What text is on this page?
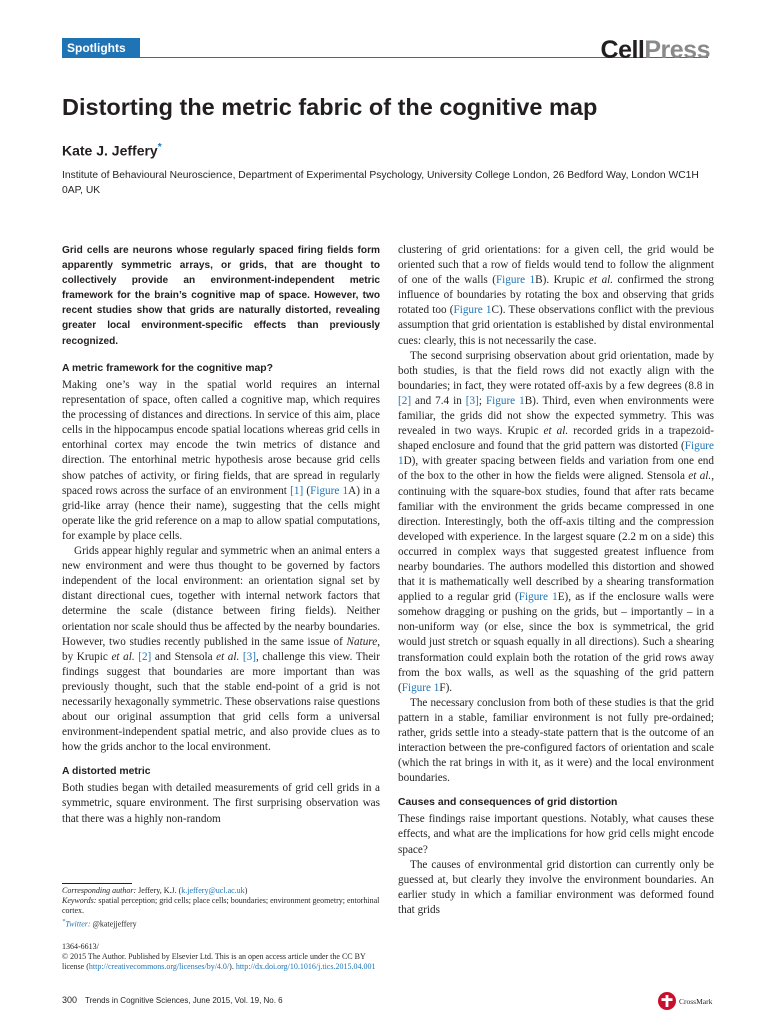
Spotlights	CellPress
Distorting the metric fabric of the cognitive map
Kate J. Jeffery*
Institute of Behavioural Neuroscience, Department of Experimental Psychology, University College London, 26 Bedford Way, London WC1H 0AP, UK

Grid cells are neurons whose regularly spaced firing fields form apparently symmetric arrays, or grids, that are thought to collectively provide an environment-independent metric framework for the brain’s cognitive map of space. However, two recent studies show that grids are naturally distorted, revealing greater local environment-specific effects than previously recognized.

A metric framework for the cognitive map?

Making one’s way in the spatial world requires an internal representation of space, often called a cognitive map, which requires the processing of distances and directions. In service of this aim, place cells in the hippocampus encode spatial locations whereas grid cells in entorhinal cortex may encode the twin metrics of distance and direction. The entorhinal metric hypothesis arose because grid cells show patches of activity, or firing fields, that are spread in regularly spaced rows across the surface of an environment [1] (Figure 1A) in a grid-like array (hence their name), suggesting that the cells might operate like the grid reference on a map to allow spatial computations, for example by place cells.

Grids appear highly regular and symmetric when an animal enters a new environment and were thus thought to be governed by factors independent of the local environment: an orientation signal set by distant directional cues, together with internal network factors that determine the scale (distance between firing fields). Neither orientation nor scale should thus be affected by the nearby boundaries. However, two studies recently published in the same issue of Nature, by Krupic et al. [2] and Stensola et al. [3], challenge this view. Their findings suggest that boundaries are more important than was previously thought, such that the stable end-point of a grid is not necessarily hexagonally symmetric. These observations raise questions about our original assumption that grid cells form a universal environment-independent spatial metric, and also provide clues as to how the grids anchor to the local environment.

A distorted metric

Both studies began with detailed measurements of grid cell grids in a symmetric, square environment. The first surprising observation was that there was a highly non-random

clustering of grid orientations: for a given cell, the grid would be oriented such that a row of fields would tend to follow the alignment of one of the walls (Figure 1B). Krupic et al. confirmed the strong influence of boundaries by rotating the box and observing that grids rotated too (Figure 1C). These observations conflict with the previous assumption that grid orientation is established by distal environmental cues: clearly, this is not necessarily the case.

The second surprising observation about grid orientation, made by both studies, is that the field rows did not exactly align with the boundaries; in fact, they were rotated off-axis by a few degrees (8.8 in [2] and 7.4 in [3]; Figure 1B). Third, even when environments were familiar, the grids did not show the expected symmetry. This was revealed in two ways. Krupic et al. recorded grids in a trapezoid-shaped enclosure and found that the grid pattern was distorted (Figure 1D), with greater spacing between fields and variation from one end of the box to the other in how the fields were aligned. Stensola et al., continuing with the square-box studies, found that after rats became familiar with the environment the grids became compressed in one direction. Interestingly, both the off-axis tilting and the compression developed with experience. In the largest square (2.2 m on a side) this occurred in complex ways that suggested greatest influence from nearby boundaries. The authors modelled this distortion and showed that it is mathematically well described by a shearing transformation applied to a regular grid (Figure 1E), as if the enclosure walls were somehow dragging or pushing on the grids, but – importantly – in a non-uniform way (or else, since the box is symmetrical, the grid would just stretch or squash equally in all directions). Such a shearing transformation could explain both the rotation of the grid rows away from the box walls, as well as the squashing of the grid pattern (Figure 1F).

The necessary conclusion from both of these studies is that the grid pattern in a stable, familiar environment is not fully pre-ordained; rather, grids settle into a steady-state pattern that is the outcome of an interaction between the pre-configured factors of orientation and scale (which the rat brings in with it, as it were) and the local environment boundaries.

Causes and consequences of grid distortion

These findings raise important questions. Notably, what causes these effects, and what are the implications for how grid cells might encode space?

The causes of environmental grid distortion can currently only be guessed at, but clearly they involve the environment boundaries. An earlier study in which a familiar environment was deformed found that grids

Corresponding author: Jeffery, K.J. (k.jeffery@ucl.ac.uk)
Keywords: spatial perception; grid cells; place cells; boundaries; environment geometry; entorhinal cortex.
*Twitter: @katejjeffery
1364-6613/
© 2015 The Author. Published by Elsevier Ltd. This is an open access article under the CC BY license (http://creativecommons.org/licenses/by/4.0/). http://dx.doi.org/10.1016/j.tics.2015.04.001
300 Trends in Cognitive Sciences, June 2015, Vol. 19, No. 6	CrossMark
